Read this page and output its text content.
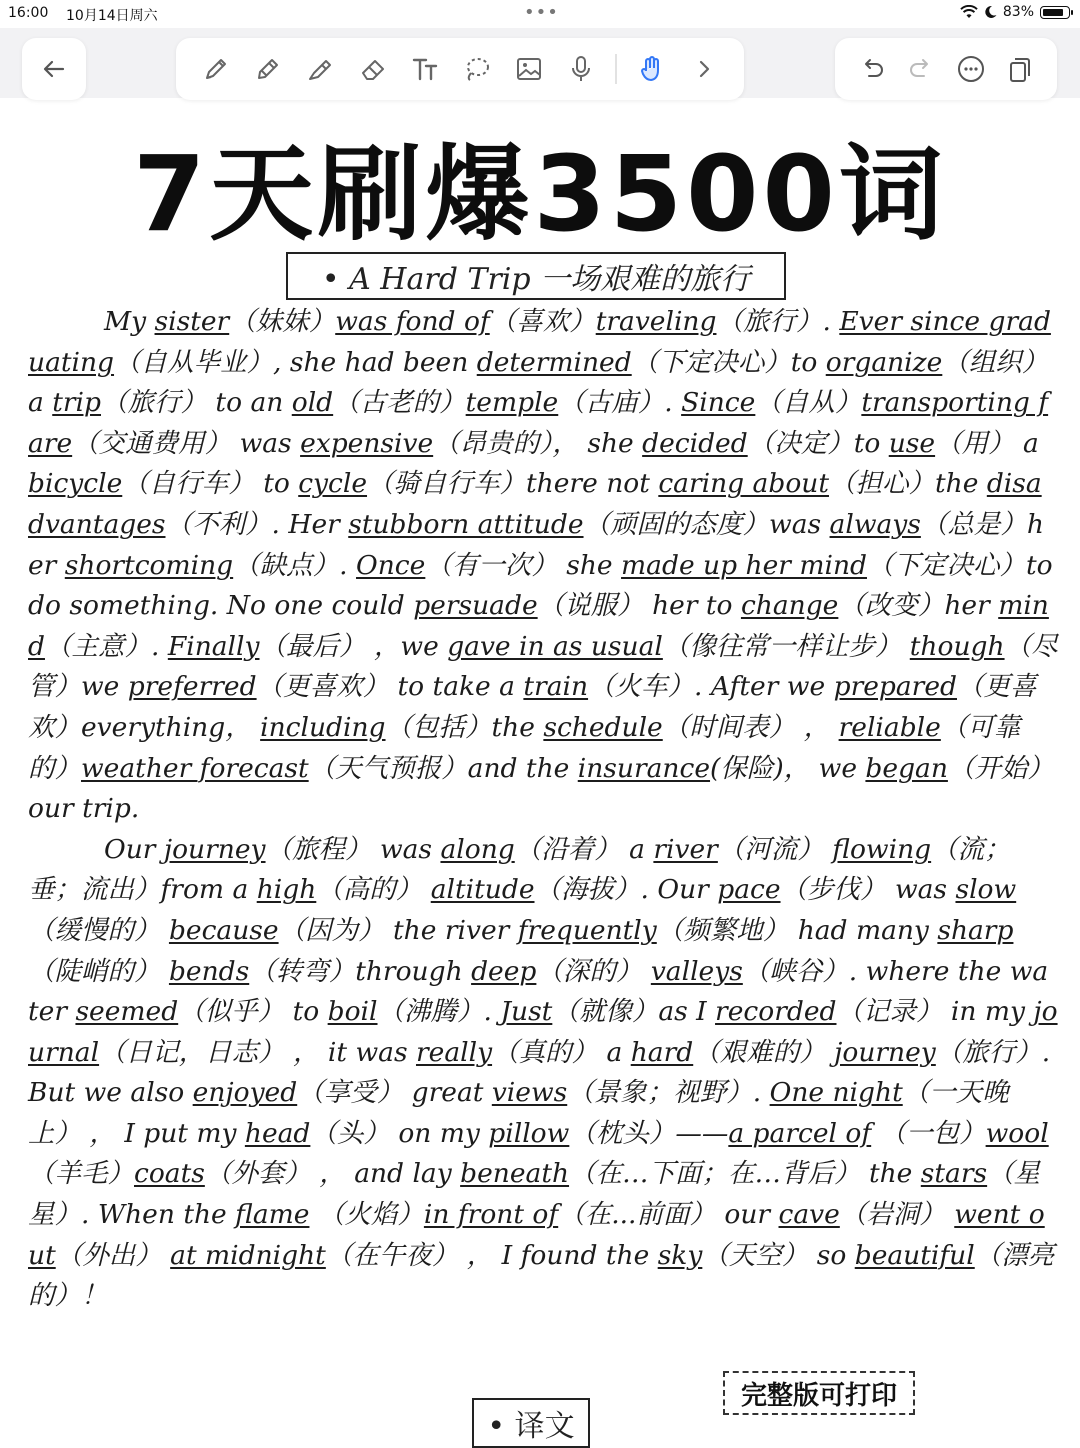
16:00 10月14日周六	•••	83%
7天刷爆3500词
• A Hard Trip 一场艰难的旅行

My sister（妹妹）was fond of（喜欢）traveling（旅行）. Ever since graduating（自从毕业）, she had been determined（下定决心）to organize（组织） a trip（旅行） to an old（古老的）temple（古庙）. Since（自从）transporting fare（交通费用） was expensive（昂贵的）， she decided（决定）to use（用） a bicycle（自行车） to cycle（骑自行车）there not caring about（担心）the disadvantages（不利）. Her stubborn attitude（顽固的态度）was always（总是）her shortcoming（缺点）. Once（有一次） she made up her mind（下定决心）to do something. No one could persuade（说服） her to change（改变）her mind（主意）. Finally（最后） ，we gave in as usual（像往常一样让步） though（尽管）we preferred（更喜欢） to take a train（火车）. After we prepared（更喜欢）everything， including（包括）the schedule（时间表） ， reliable（可靠的）weather forecast（天气预报）and the insurance(保险)， we began（开始）our trip.

Our journey（旅程） was along（沿着） a river（河流） flowing（流；垂；流出）from a high（高的） altitude（海拔）. Our pace（步伐） was slow（缓慢的） because（因为） the river frequently（频繁地） had many sharp（陡峭的） bends（转弯）through deep（深的） valleys（峡谷）. where the water seemed（似乎） to boil（沸腾）. Just（就像）as I recorded（记录） in my journal（日记，日志） ， it was really（真的） a hard（艰难的） journey（旅行）. But we also enjoyed（享受） great views（景象；视野）. One night（一天晚上） ， I put my head（头） on my pillow（枕头）——a parcel of （一包）wool（羊毛）coats（外套） ， and lay beneath（在…下面；在…背后） the stars（星星）. When the flame （火焰）in front of（在...前面） our cave（岩洞） went out（外出） at midnight（在午夜） ， I found the sky（天空） so beautiful（漂亮的）！

• 译文
完整版可打印
